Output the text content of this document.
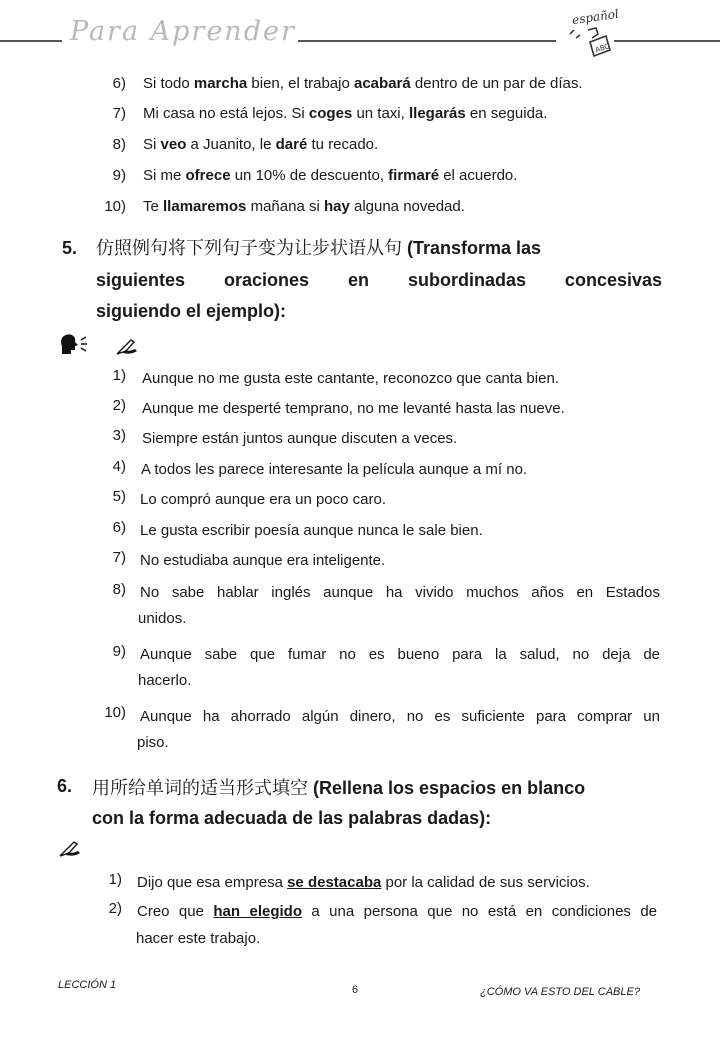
Para Aprender	español
ABC
6) Si todo marcha bien, el trabajo acabará dentro de un par de días.
7) Mi casa no está lejos. Si coges un taxi, llegarás en seguida.
8) Si veo a Juanito, le daré tu recado.
9) Si me ofrece un 10% de descuento, firmaré el acuerdo.
10) Te llamaremos mañana si hay alguna novedad.
5. 仿照例句将下列句子变为让步状语从句 (Transforma las
siguientes oraciones en subordinadas concesivas
siguiendo el ejemplo):
1) Aunque no me gusta este cantante, reconozco que canta bien.
2) Aunque me desperté temprano, no me levanté hasta las nueve.
3) Siempre están juntos aunque discuten a veces.
4) A todos les parece interesante la película aunque a mí no.
5) Lo compró aunque era un poco caro.
6) Le gusta escribir poesía aunque nunca le sale bien.
7) No estudiaba aunque era inteligente.
8) No sabe hablar inglés aunque ha vivido muchos años en Estados
unidos.
9) Aunque sabe que fumar no es bueno para la salud, no deja de
hacerlo.
10) Aunque ha ahorrado algún dinero, no es suficiente para comprar un
piso.
6. 用所给单词的适当形式填空 (Rellena los espacios en blanco
con la forma adecuada de las palabras dadas):
1) Dijo que esa empresa se destacaba por la calidad de sus servicios.
2) Creo que han elegido a una persona que no está en condiciones de
hacer este trabajo.
LECCIÓN 1	6	¿CÓMO VA ESTO DEL CABLE?
